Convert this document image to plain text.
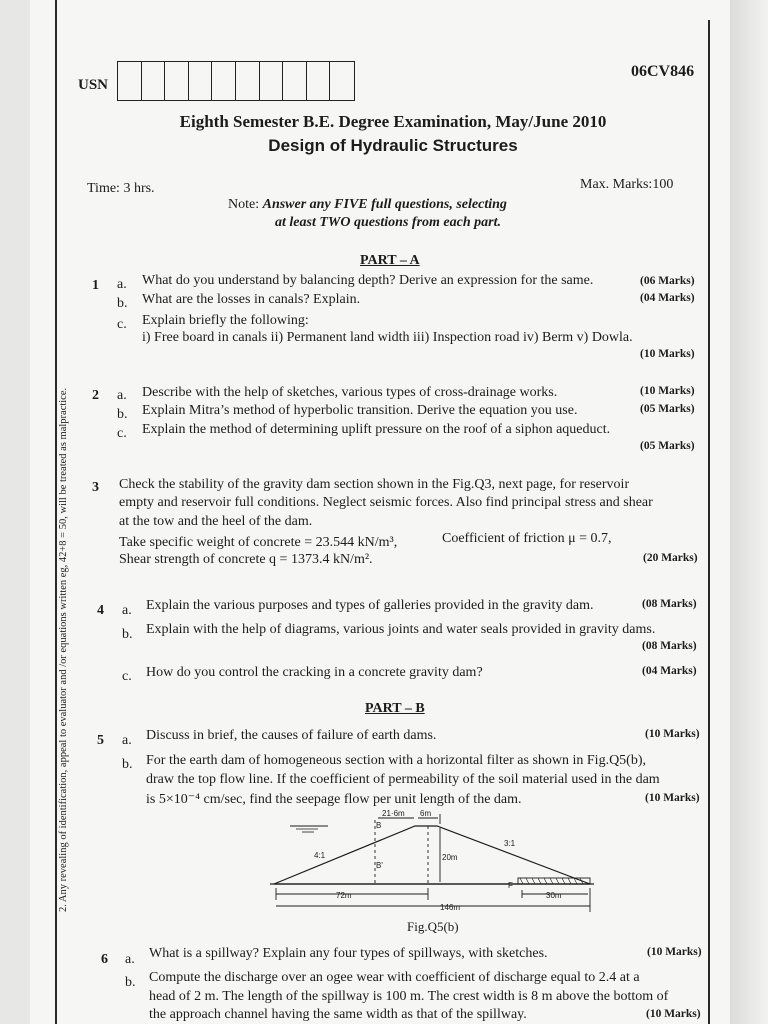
2. Any revealing of identification, appeal to evaluator and /or equations written eg, 42+8 = 50, will be treated as malpractice.
USN
06CV846
Eighth Semester B.E. Degree Examination, May/June 2010
Design of Hydraulic Structures
Time: 3 hrs.	Max. Marks:100
Note: Answer any FIVE full questions, selecting
at least TWO questions from each part.
PART – A
1 a. What do you understand by balancing depth? Derive an expression for the same.	(06 Marks)
b. What are the losses in canals? Explain.	(04 Marks)
c. Explain briefly the following:
i) Free board in canals ii) Permanent land width iii) Inspection road iv) Berm v) Dowla.
(10 Marks)
2 a. Describe with the help of sketches, various types of cross-drainage works.	(10 Marks)
b. Explain Mitra’s method of hyperbolic transition. Derive the equation you use.	(05 Marks)
c. Explain the method of determining uplift pressure on the roof of a siphon aqueduct.
(05 Marks)
3 Check the stability of the gravity dam section shown in the Fig.Q3, next page, for reservoir
empty and reservoir full conditions. Neglect seismic forces. Also find principal stress and shear
at the tow and the heel of the dam.
Take specific weight of concrete = 23.544 kN/m³,	Coefficient of friction μ = 0.7,
Shear strength of concrete q = 1373.4 kN/m².	(20 Marks)
4 a. Explain the various purposes and types of galleries provided in the gravity dam.	(08 Marks)
b. Explain with the help of diagrams, various joints and water seals provided in gravity dams.
(08 Marks)
c. How do you control the cracking in a concrete gravity dam?	(04 Marks)
PART – B
5 a. Discuss in brief, the causes of failure of earth dams.	(10 Marks)
b. For the earth dam of homogeneous section with a horizontal filter as shown in Fig.Q5(b),
draw the top flow line. If the coefficient of permeability of the soil material used in the dam
is 5×10⁻⁴ cm/sec, find the seepage flow per unit length of the dam.	(10 Marks)
21·6m 6m
B
B'
4:1
3:1
20m
72m
146m
30m
F
Fig.Q5(b)
6 a. What is a spillway? Explain any four types of spillways, with sketches.	(10 Marks)
b. Compute the discharge over an ogee wear with coefficient of discharge equal to 2.4 at a
head of 2 m. The length of the spillway is 100 m. The crest width is 8 m above the bottom of
the approach channel having the same width as that of the spillway.	(10 Marks)
